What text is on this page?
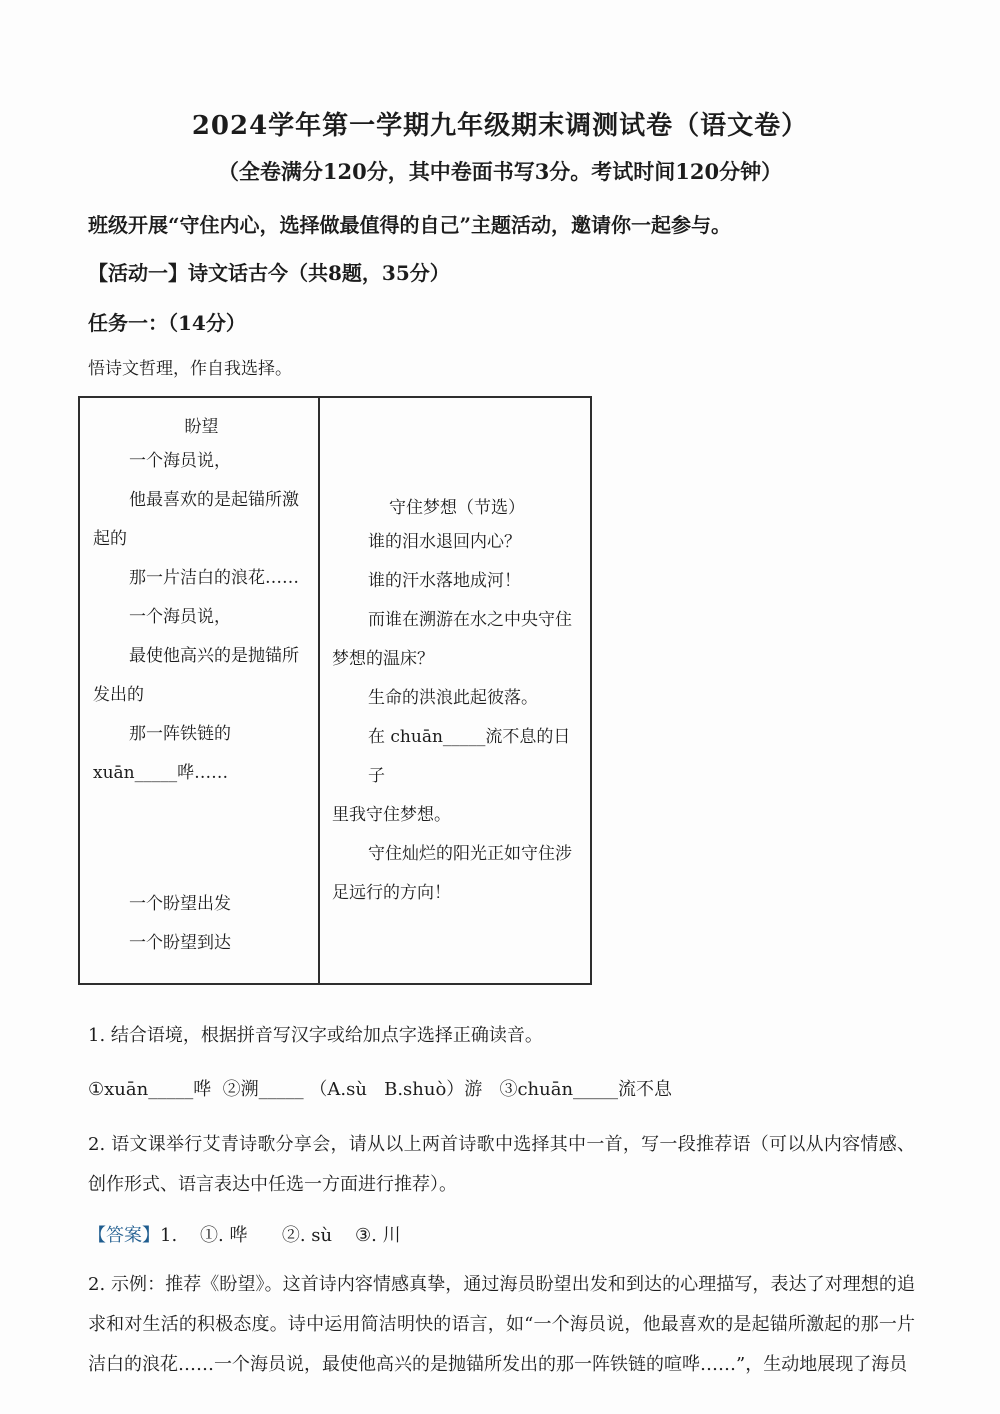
2024学年第一学期九年级期末调测试卷（语文卷）
（全卷满分120分，其中卷面书写3分。考试时间120分钟）
班级开展“守住内心，选择做最值得的自己”主题活动，邀请你一起参与。
【活动一】诗文话古今（共8题，35分）
任务一：（14分）
悟诗文哲理，作自我选择。
盼望
一个海员说，
他最喜欢的是起锚所激
起的
那一片洁白的浪花……
一个海员说，
最使他高兴的是抛锚所
发出的
那一阵铁链的
xuān_____哗……
一个盼望出发
一个盼望到达
守住梦想（节选）
谁的泪水退回内心？
谁的汗水落地成河！
而谁在溯游在水之中央守住
梦想的温床？
生命的洪浪此起彼落。
在 chuān_____流不息的日子
里我守住梦想。
守住灿烂的阳光正如守住涉
足远行的方向！
1. 结合语境，根据拼音写汉字或给加点字选择正确读音。
①xuān_____哗  ②溯_____ （A.sù   B.shuò）游   ③chuān_____流不息
2. 语文课举行艾青诗歌分享会，请从以上两首诗歌中选择其中一首，写一段推荐语（可以从内容情感、创作形式、语言表达中任选一方面进行推荐）。
【答案】1.    ①. 哗      ②. sù    ③. 川
2. 示例：推荐《盼望》。这首诗内容情感真挚，通过海员盼望出发和到达的心理描写，表达了对理想的追求和对生活的积极态度。诗中运用简洁明快的语言，如“一个海员说，他最喜欢的是起锚所激起的那一片洁白的浪花……一个海员说，最使他高兴的是抛锚所发出的那一阵铁链的喧哗……”，生动地展现了海员
